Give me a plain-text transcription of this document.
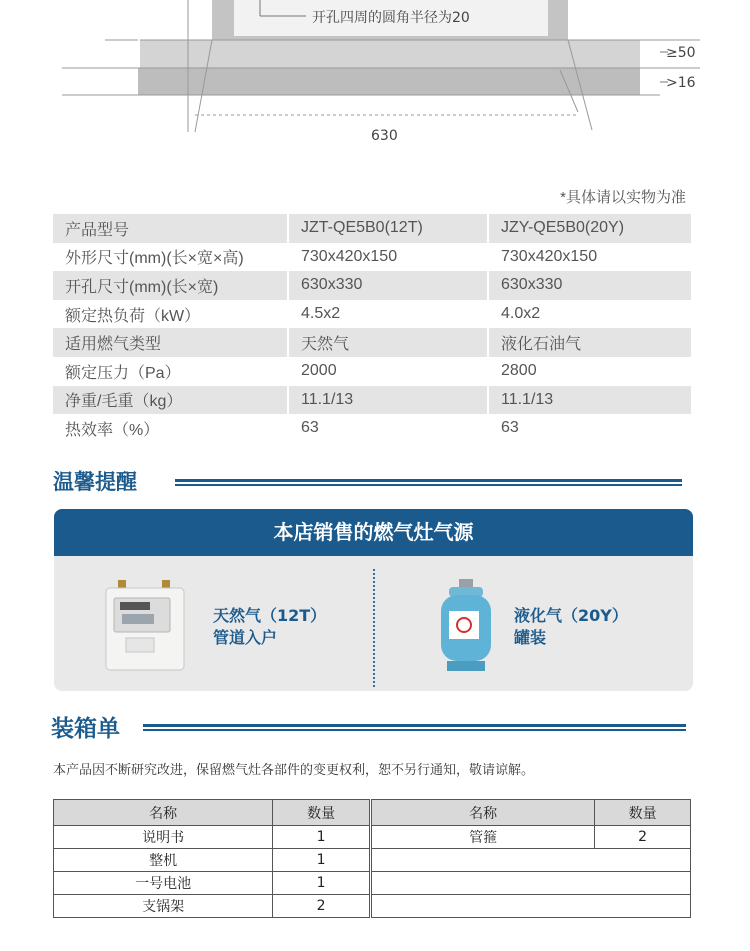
开孔四周的圆角半径为20
≥50
>16
630
*具体请以实物为准
产品型号	JZT-QE5B0(12T)	JZY-QE5B0(20Y)
外形尺寸(mm)(长×宽×高)	730x420x150	730x420x150
开孔尺寸(mm)(长×宽)	630x330	630x330
额定热负荷（kW）	4.5x2	4.0x2
适用燃气类型	天然气	液化石油气
额定压力（Pa）	2000	2800
净重/毛重（kg）	11.1/13	11.1/13
热效率（%）	63	63
温馨提醒
本店销售的燃气灶气源
天然气（12T）
管道入户
液化气（20Y）
罐装
装箱单
本产品因不断研究改进，保留燃气灶各部件的变更权利，恕不另行通知，敬请谅解。
名称	数量
说明书	1
整机	1
一号电池	1
支锅架	2
名称	数量
管箍	2
